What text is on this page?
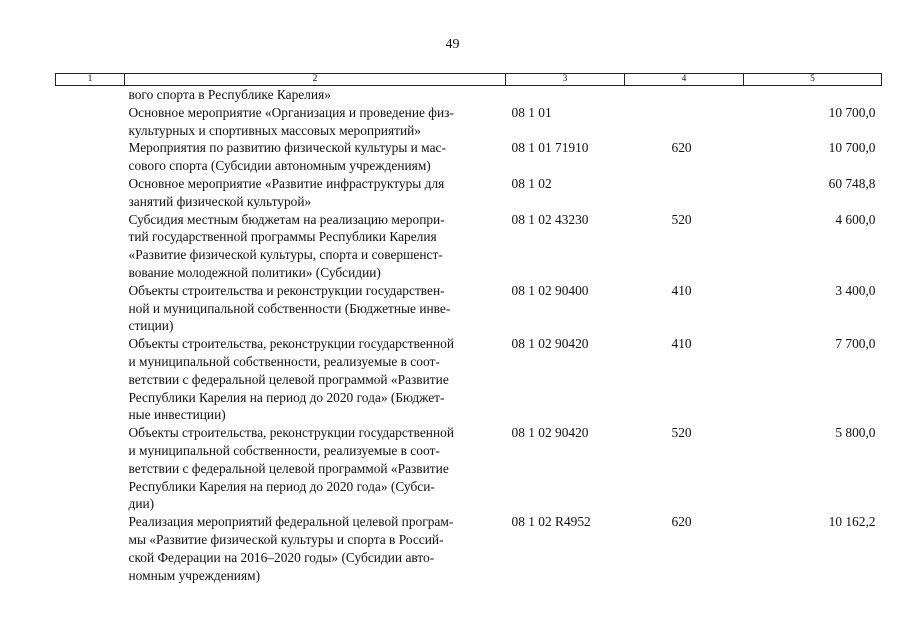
49
1	2	3	4	5

	вого спорта в Республике Карелия»			

	Основное мероприятие «Организация и проведение физ-
культурных и спортивных массовых мероприятий»	08 1 01		10 700,0

	Мероприятия по развитию физической культуры и мас-
сового спорта (Субсидии автономным учреждениям)	08 1 01 71910	620	10 700,0

	Основное мероприятие «Развитие инфраструктуры для
занятий физической культурой»	08 1 02		60 748,8

	Субсидия местным бюджетам на реализацию меропри-
тий государственной программы Республики Карелия
«Развитие физической культуры, спорта и совершенст-
вование молодежной политики» (Субсидии)	08 1 02 43230	520	4 600,0

	Объекты строительства и реконструкции государствен-
ной и муниципальной собственности (Бюджетные инве-
стиции)	08 1 02 90400	410	3 400,0

	Объекты строительства, реконструкции государственной
и муниципальной собственности, реализуемые в соот-
ветствии с федеральной целевой программой «Развитие
Республики Карелия на период до 2020 года» (Бюджет-
ные инвестиции)	08 1 02 90420	410	7 700,0

	Объекты строительства, реконструкции государственной
и муниципальной собственности, реализуемые в соот-
ветствии с федеральной целевой программой «Развитие
Республики Карелия на период до 2020 года» (Субси-
дии)	08 1 02 90420	520	5 800,0

	Реализация мероприятий федеральной целевой програм-
мы «Развитие физической культуры и спорта в Россий-
ской Федерации на 2016–2020 годы» (Субсидии авто-
номным учреждениям)	08 1 02 R4952	620	10 162,2
